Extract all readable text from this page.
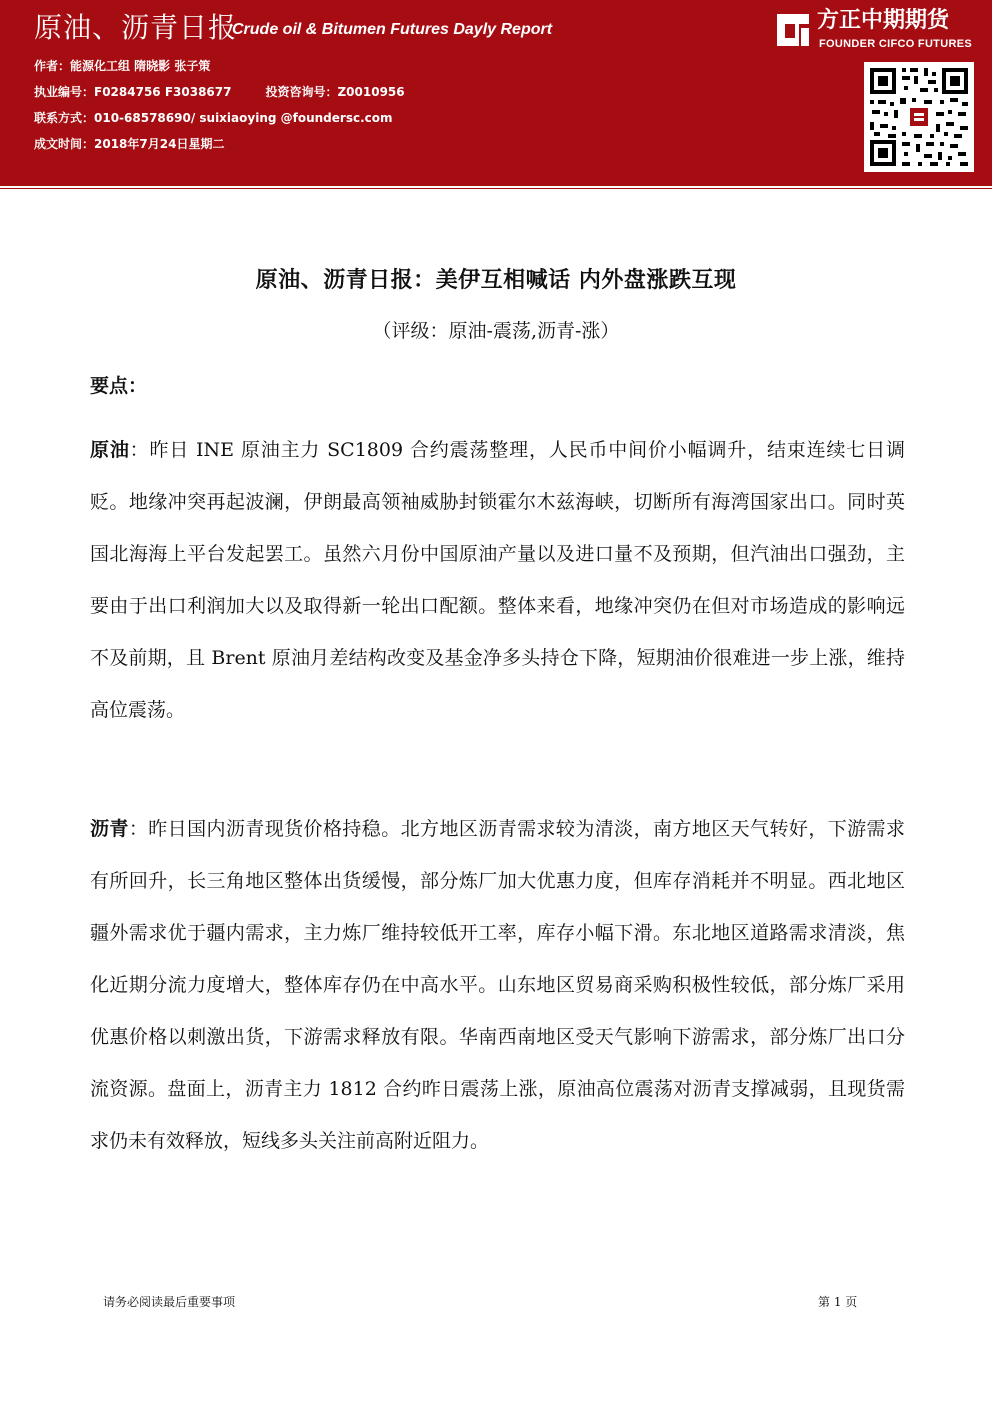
原油、沥青日报
Crude oil & Bitumen Futures Dayly Report
作者：能源化工组 隋晓影 张子策
执业编号：F0284756 F3038677	投资咨询号：Z0010956
联系方式：010-68578690/ suixiaoying @foundersc.com
成文时间：2018年7月24日星期二
方正中期期货
FOUNDER CIFCO FUTURES
原油、沥青日报：美伊互相喊话 内外盘涨跌互现
（评级：原油-震荡,沥青-涨）
要点：
原油：昨日 INE 原油主力 SC1809 合约震荡整理，人民币中间价小幅调升，结束连续七日调贬。地缘冲突再起波澜，伊朗最高领袖威胁封锁霍尔木兹海峡，切断所有海湾国家出口。同时英国北海海上平台发起罢工。虽然六月份中国原油产量以及进口量不及预期，但汽油出口强劲，主要由于出口利润加大以及取得新一轮出口配额。整体来看，地缘冲突仍在但对市场造成的影响远不及前期，且 Brent 原油月差结构改变及基金净多头持仓下降，短期油价很难进一步上涨，维持高位震荡。
沥青：昨日国内沥青现货价格持稳。北方地区沥青需求较为清淡，南方地区天气转好，下游需求有所回升，长三角地区整体出货缓慢，部分炼厂加大优惠力度，但库存消耗并不明显。西北地区疆外需求优于疆内需求，主力炼厂维持较低开工率，库存小幅下滑。东北地区道路需求清淡，焦化近期分流力度增大，整体库存仍在中高水平。山东地区贸易商采购积极性较低，部分炼厂采用优惠价格以刺激出货，下游需求释放有限。华南西南地区受天气影响下游需求，部分炼厂出口分流资源。盘面上，沥青主力 1812 合约昨日震荡上涨，原油高位震荡对沥青支撑减弱，且现货需求仍未有效释放，短线多头关注前高附近阻力。
请务必阅读最后重要事项	第 1 页
